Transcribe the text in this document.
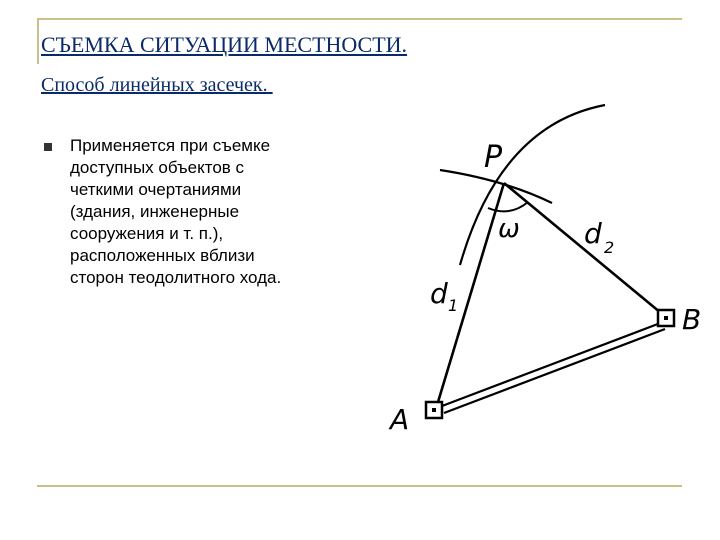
СЪЕМКА СИТУАЦИИ МЕСТНОСТИ.
Способ линейных засечек.
Применяется при съемке
доступных объектов с
четкими очертаниями
(здания, инженерные
сооружения и т. п.),
расположенных вблизи
сторон теодолитного хода.
P
A
B
ω
d 1
d 2
